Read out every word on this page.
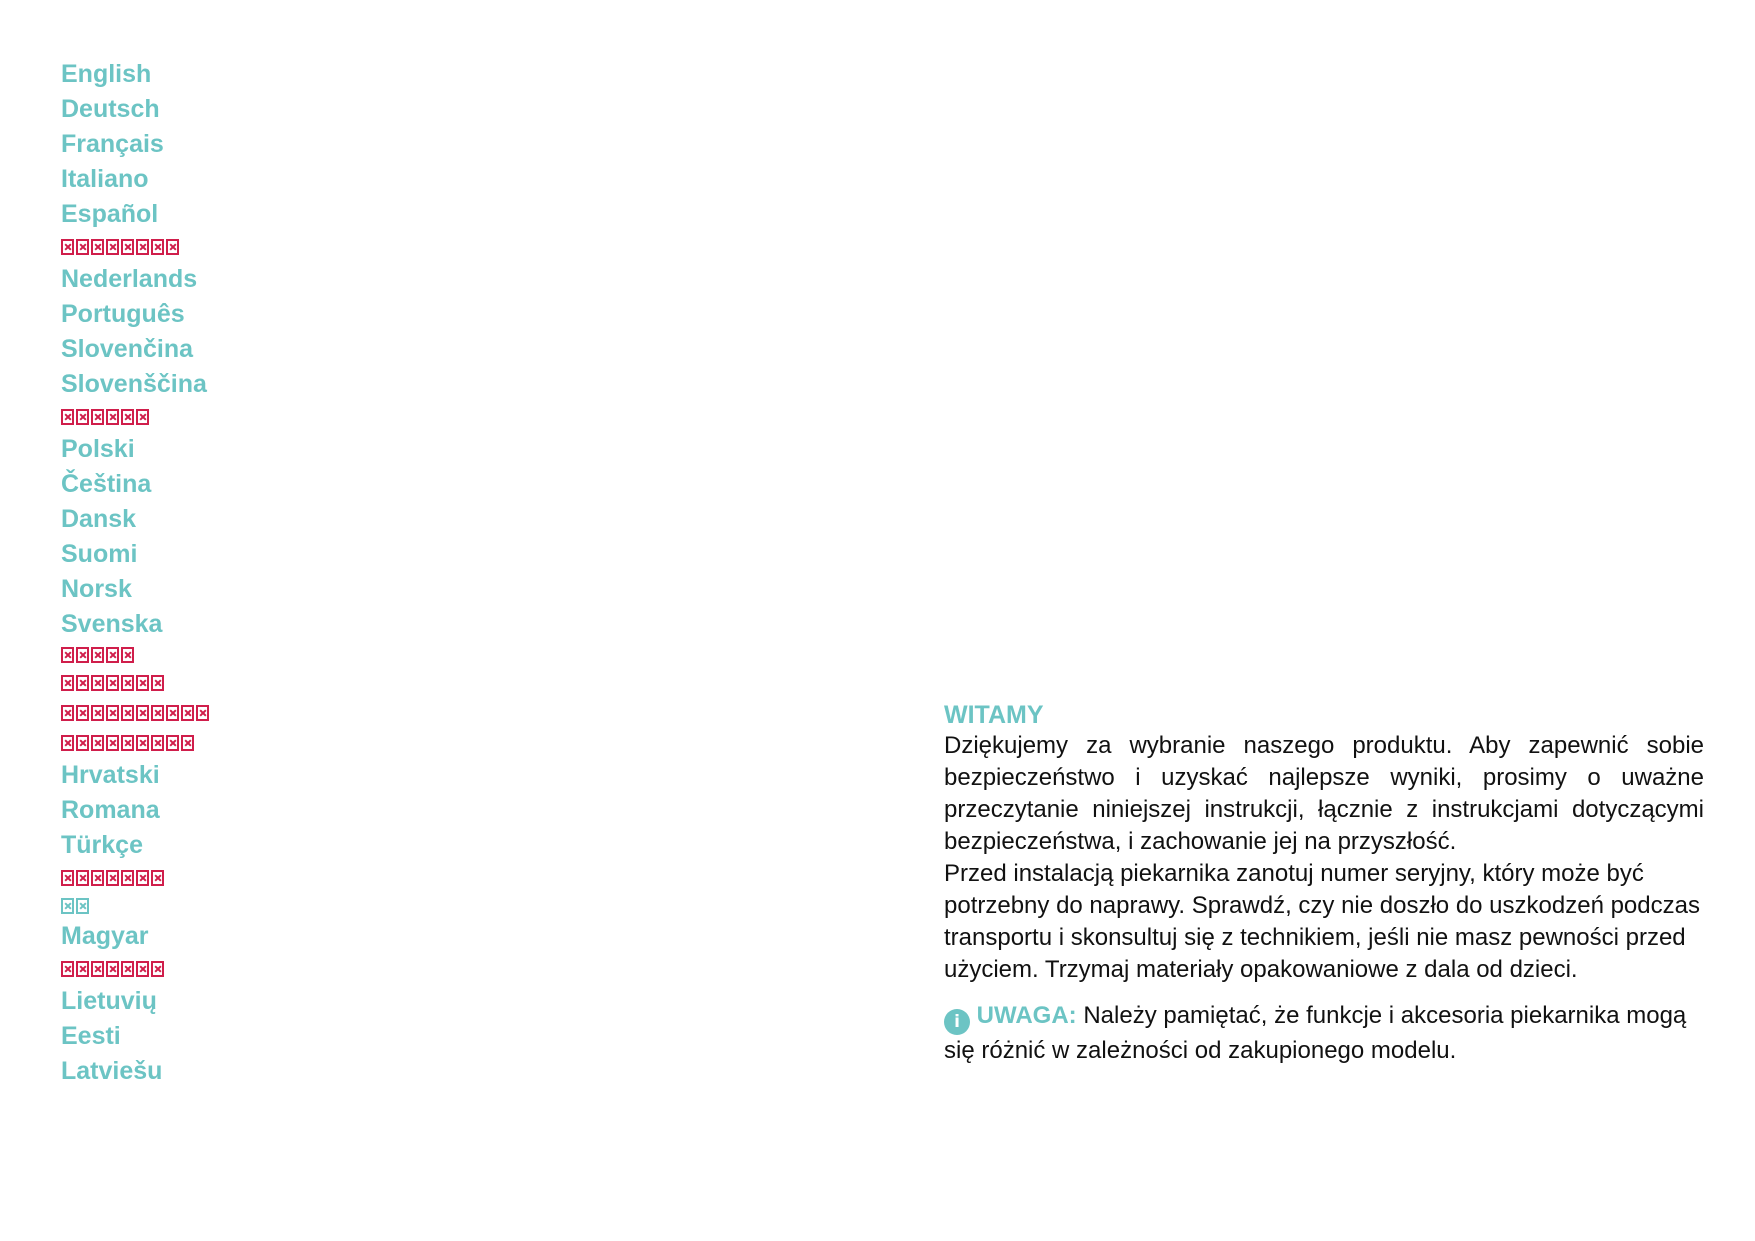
English
Deutsch
Français
Italiano
Español
Nederlands
Português
Slovenčina
Slovenščina
Polski
Čeština
Dansk
Suomi
Norsk
Svenska
Hrvatski
Romana
Türkçe
Magyar
Lietuvių
Eesti
Latviešu
WITAMY

Dziękujemy za wybranie naszego produktu. Aby zapewnić sobie bezpieczeństwo i uzyskać najlepsze wyniki, prosimy o uważne przeczytanie niniejszej instrukcji, łącznie z instrukcjami dotyczącymi bezpieczeństwa, i zachowanie jej na przyszłość.

Przed instalacją piekarnika zanotuj numer seryjny, który może być potrzebny do naprawy. Sprawdź, czy nie doszło do uszkodzeń podczas transportu i skonsultuj się z technikiem, jeśli nie masz pewności przed użyciem. Trzymaj materiały opakowaniowe z dala od dzieci.

i UWAGA: Należy pamiętać, że funkcje i akcesoria piekarnika mogą się różnić w zależności od zakupionego modelu.
